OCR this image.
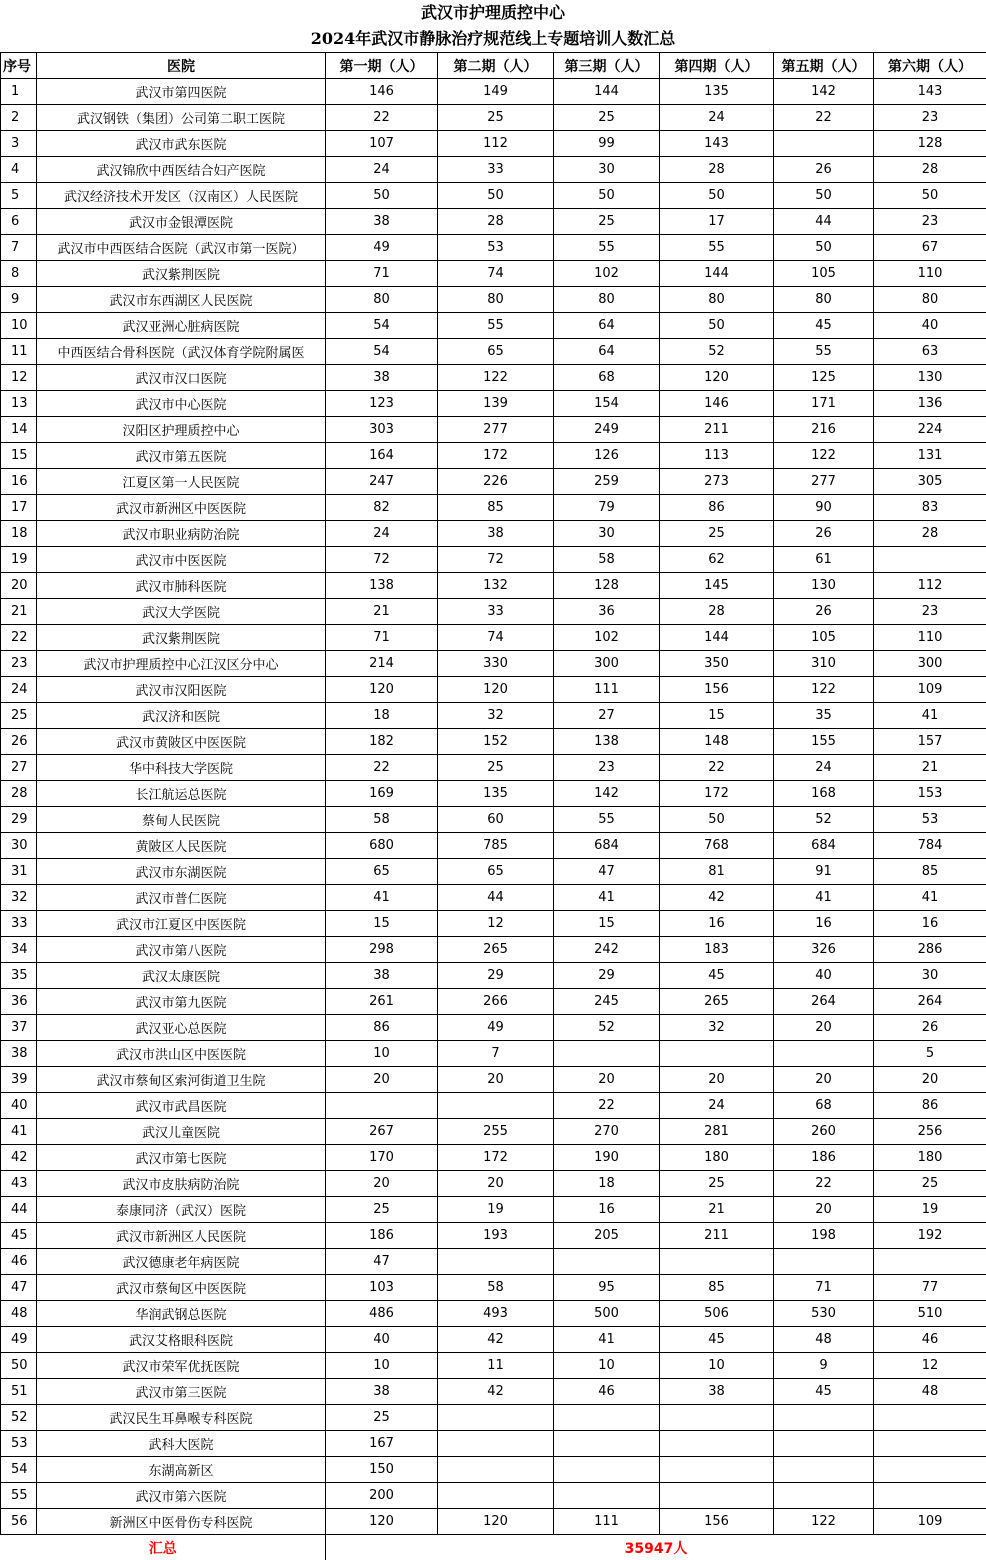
武汉市护理质控中心
2024年武汉市静脉治疗规范线上专题培训人数汇总
序号	医院	第一期（人）	第二期（人）	第三期（人）	第四期（人）	第五期（人）	第六期（人）
1	武汉市第四医院	146	149	144	135	142	143
2	武汉钢铁（集团）公司第二职工医院	22	25	25	24	22	23
3	武汉市武东医院	107	112	99	143		128
4	武汉锦欣中西医结合妇产医院	24	33	30	28	26	28
5	武汉经济技术开发区（汉南区）人民医院	50	50	50	50	50	50
6	武汉市金银潭医院	38	28	25	17	44	23
7	武汉市中西医结合医院（武汉市第一医院）	49	53	55	55	50	67
8	武汉紫荆医院	71	74	102	144	105	110
9	武汉市东西湖区人民医院	80	80	80	80	80	80
10	武汉亚洲心脏病医院	54	55	64	50	45	40
11	中西医结合骨科医院（武汉体育学院附属医	54	65	64	52	55	63
12	武汉市汉口医院	38	122	68	120	125	130
13	武汉市中心医院	123	139	154	146	171	136
14	汉阳区护理质控中心	303	277	249	211	216	224
15	武汉市第五医院	164	172	126	113	122	131
16	江夏区第一人民医院	247	226	259	273	277	305
17	武汉市新洲区中医医院	82	85	79	86	90	83
18	武汉市职业病防治院	24	38	30	25	26	28
19	武汉市中医医院	72	72	58	62	61	
20	武汉市肺科医院	138	132	128	145	130	112
21	武汉大学医院	21	33	36	28	26	23
22	武汉紫荆医院	71	74	102	144	105	110
23	武汉市护理质控中心江汉区分中心	214	330	300	350	310	300
24	武汉市汉阳医院	120	120	111	156	122	109
25	武汉济和医院	18	32	27	15	35	41
26	武汉市黄陂区中医医院	182	152	138	148	155	157
27	华中科技大学医院	22	25	23	22	24	21
28	长江航运总医院	169	135	142	172	168	153
29	蔡甸人民医院	58	60	55	50	52	53
30	黄陂区人民医院	680	785	684	768	684	784
31	武汉市东湖医院	65	65	47	81	91	85
32	武汉市普仁医院	41	44	41	42	41	41
33	武汉市江夏区中医医院	15	12	15	16	16	16
34	武汉市第八医院	298	265	242	183	326	286
35	武汉太康医院	38	29	29	45	40	30
36	武汉市第九医院	261	266	245	265	264	264
37	武汉亚心总医院	86	49	52	32	20	26
38	武汉市洪山区中医医院	10	7				5
39	武汉市蔡甸区索河街道卫生院	20	20	20	20	20	20
40	武汉市武昌医院			22	24	68	86
41	武汉儿童医院	267	255	270	281	260	256
42	武汉市第七医院	170	172	190	180	186	180
43	武汉市皮肤病防治院	20	20	18	25	22	25
44	泰康同济（武汉）医院	25	19	16	21	20	19
45	武汉市新洲区人民医院	186	193	205	211	198	192
46	武汉德康老年病医院	47					
47	武汉市蔡甸区中医医院	103	58	95	85	71	77
48	华润武钢总医院	486	493	500	506	530	510
49	武汉艾格眼科医院	40	42	41	45	48	46
50	武汉市荣军优抚医院	10	11	10	10	9	12
51	武汉市第三医院	38	42	46	38	45	48
52	武汉民生耳鼻喉专科医院	25					
53	武科大医院	167					
54	东湖高新区	150					
55	武汉市第六医院	200					
56	新洲区中医骨伤专科医院	120	120	111	156	122	109
汇总		35947人					
